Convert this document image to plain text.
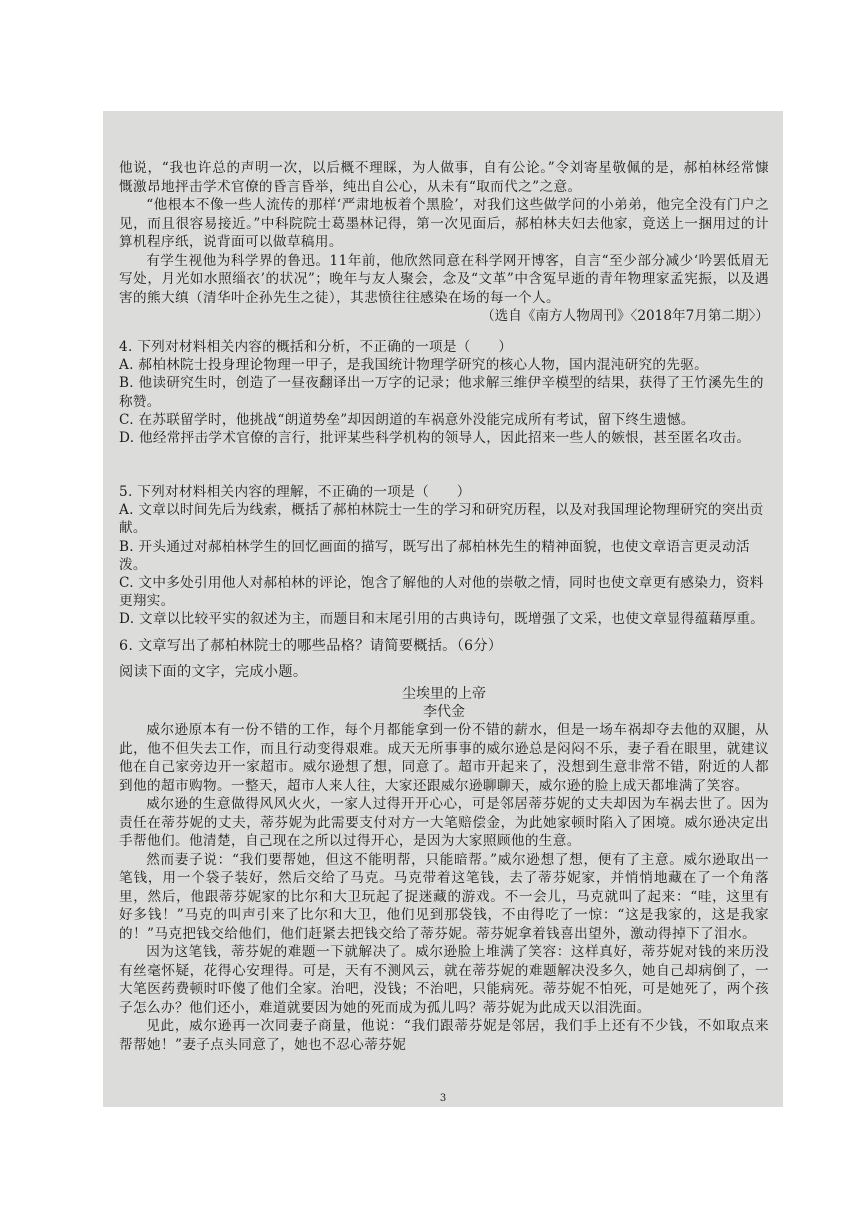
他说，“我也许总的声明一次，以后概不理睬，为人做事，自有公论。”令刘寄星敬佩的是，郝柏林经常慷慨激昂地抨击学术官僚的昏言昏举，纯出自公心，从未有“取而代之”之意。

“他根本不像一些人流传的那样‘严肃地板着个黑脸’，对我们这些做学问的小弟弟，他完全没有门户之见，而且很容易接近。”中科院院士葛墨林记得，第一次见面后，郝柏林夫妇去他家，竟送上一捆用过的计算机程序纸，说背面可以做草稿用。

有学生视他为科学界的鲁迅。11年前，他欣然同意在科学网开博客，自言“至少部分减少‘吟罢低眉无写处，月光如水照缁衣’的状况”；晚年与友人聚会，念及“文革”中含冤早逝的青年物理家孟宪振，以及遇害的熊大缜（清华叶企孙先生之徒），其悲愤往往感染在场的每一个人。

（选自《南方人物周刊》〈2018年7月第二期〉）

4. 下列对材料相关内容的概括和分析，不正确的一项是（　　）

A. 郝柏林院士投身理论物理一甲子，是我国统计物理学研究的核心人物，国内混沌研究的先驱。

B. 他读研究生时，创造了一昼夜翻译出一万字的记录；他求解三维伊辛模型的结果，获得了王竹溪先生的称赞。

C. 在苏联留学时，他挑战“朗道势垒”却因朗道的车祸意外没能完成所有考试，留下终生遗憾。

D. 他经常抨击学术官僚的言行，批评某些科学机构的领导人，因此招来一些人的嫉恨，甚至匿名攻击。

5. 下列对材料相关内容的理解，不正确的一项是（　　）

A. 文章以时间先后为线索，概括了郝柏林院士一生的学习和研究历程，以及对我国理论物理研究的突出贡献。

B. 开头通过对郝柏林学生的回忆画面的描写，既写出了郝柏林先生的精神面貌，也使文章语言更灵动活泼。

C. 文中多处引用他人对郝柏林的评论，饱含了解他的人对他的崇敬之情，同时也使文章更有感染力，资料更翔实。

D. 文章以比较平实的叙述为主，而题目和末尾引用的古典诗句，既增强了文采，也使文章显得蕴藉厚重。

6. 文章写出了郝柏林院士的哪些品格？请简要概括。（6分）

阅读下面的文字，完成小题。

尘埃里的上帝

李代金

威尔逊原本有一份不错的工作，每个月都能拿到一份不错的薪水，但是一场车祸却夺去他的双腿，从此，他不但失去工作，而且行动变得艰难。成天无所事事的威尔逊总是闷闷不乐，妻子看在眼里，就建议他在自己家旁边开一家超市。威尔逊想了想，同意了。超市开起来了，没想到生意非常不错，附近的人都到他的超市购物。一整天，超市人来人往，大家还跟威尔逊聊聊天，威尔逊的脸上成天都堆满了笑容。

威尔逊的生意做得风风火火，一家人过得开开心心，可是邻居蒂芬妮的丈夫却因为车祸去世了。因为责任在蒂芬妮的丈夫，蒂芬妮为此需要支付对方一大笔赔偿金，为此她家顿时陷入了困境。威尔逊决定出手帮他们。他清楚，自己现在之所以过得开心，是因为大家照顾他的生意。

然而妻子说：“我们要帮她，但这不能明帮，只能暗帮。”威尔逊想了想，便有了主意。威尔逊取出一笔钱，用一个袋子装好，然后交给了马克。马克带着这笔钱，去了蒂芬妮家，并悄悄地藏在了一个角落里，然后，他跟蒂芬妮家的比尔和大卫玩起了捉迷藏的游戏。不一会儿，马克就叫了起来：“哇，这里有好多钱！”马克的叫声引来了比尔和大卫，他们见到那袋钱，不由得吃了一惊：“这是我家的，这是我家的！”马克把钱交给他们，他们赶紧去把钱交给了蒂芬妮。蒂芬妮拿着钱喜出望外，激动得掉下了泪水。

因为这笔钱，蒂芬妮的难题一下就解决了。威尔逊脸上堆满了笑容：这样真好，蒂芬妮对钱的来历没有丝毫怀疑，花得心安理得。可是，天有不测风云，就在蒂芬妮的难题解决没多久，她自己却病倒了，一大笔医药费顿时吓傻了他们全家。治吧，没钱；不治吧，只能病死。蒂芬妮不怕死，可是她死了，两个孩子怎么办？他们还小，难道就要因为她的死而成为孤儿吗？蒂芬妮为此成天以泪洗面。

见此，威尔逊再一次同妻子商量，他说：“我们跟蒂芬妮是邻居，我们手上还有不少钱，不如取点来帮帮她！”妻子点头同意了，她也不忍心蒂芬妮

3
